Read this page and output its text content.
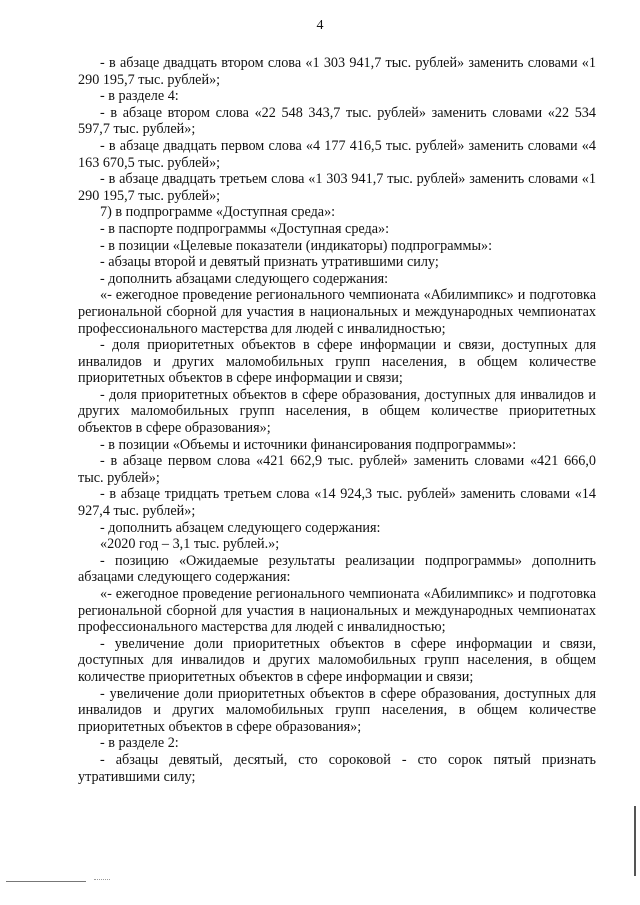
4

- в абзаце двадцать втором слова «1 303 941,7 тыс. рублей» заменить словами «1 290 195,7 тыс. рублей»;

- в разделе 4:

- в абзаце втором слова «22 548 343,7 тыс. рублей» заменить словами «22 534 597,7 тыс. рублей»;

- в абзаце двадцать первом слова «4 177 416,5 тыс. рублей» заменить словами «4 163 670,5 тыс. рублей»;

- в абзаце двадцать третьем слова «1 303 941,7 тыс. рублей» заменить словами «1 290 195,7 тыс. рублей»;

7) в подпрограмме «Доступная среда»:

- в паспорте подпрограммы «Доступная среда»:

- в позиции «Целевые показатели (индикаторы) подпрограммы»:

- абзацы второй и девятый признать утратившими силу;

- дополнить абзацами следующего содержания:

«- ежегодное проведение регионального чемпионата «Абилимпикс» и подготовка региональной сборной для участия в национальных и международных чемпионатах профессионального мастерства для людей с инвалидностью;

- доля приоритетных объектов в сфере информации и связи, доступных для инвалидов и других маломобильных групп населения, в общем количестве приоритетных объектов в сфере информации и связи;

- доля приоритетных объектов в сфере образования, доступных для инвалидов и других маломобильных групп населения, в общем количестве приоритетных объектов в сфере образования»;

- в позиции «Объемы и источники финансирования подпрограммы»:

- в абзаце первом слова «421 662,9 тыс. рублей» заменить словами «421 666,0 тыс. рублей»;

- в абзаце тридцать третьем слова «14 924,3 тыс. рублей» заменить словами «14 927,4 тыс. рублей»;

- дополнить абзацем следующего содержания:

«2020 год – 3,1 тыс. рублей.»;

- позицию «Ожидаемые результаты реализации подпрограммы» дополнить абзацами следующего содержания:

«- ежегодное проведение регионального чемпионата «Абилимпикс» и подготовка региональной сборной для участия в национальных и международных чемпионатах профессионального мастерства для людей с инвалидностью;

- увеличение доли приоритетных объектов в сфере информации и связи, доступных для инвалидов и других маломобильных групп населения, в общем количестве приоритетных объектов в сфере информации и связи;

- увеличение доли приоритетных объектов в сфере образования, доступных для инвалидов и других маломобильных групп населения, в общем количестве приоритетных объектов в сфере образования»;

- в разделе 2:

- абзацы девятый, десятый, сто сороковой - сто сорок пятый признать утратившими силу;
